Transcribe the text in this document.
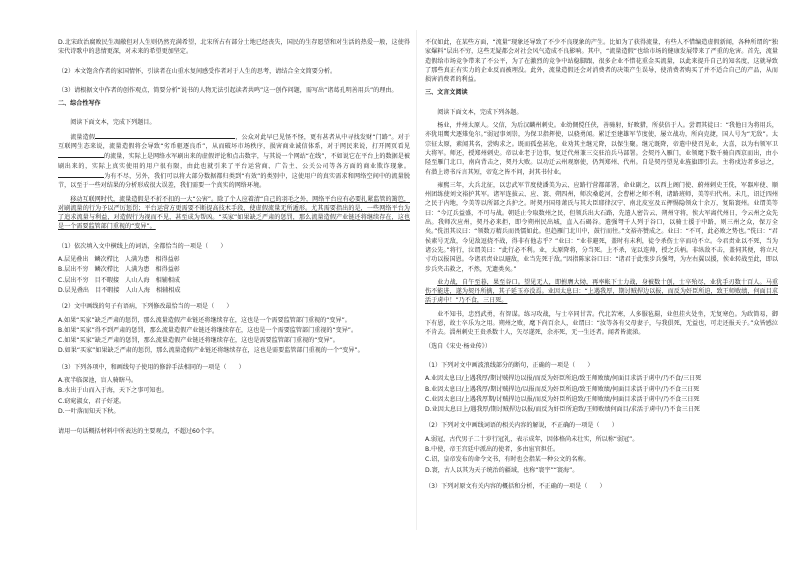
D.北宋政治腐败民生凋敝但对人生则仍然充满希望，北宋所占有部分土地已经丧失，国民的生存愿望和对生活的热爱一般，这使得宋代诗歌中的悲情更深，对未来的希望更加坚定。

（2）本文饱含作者的家国情怀，引读者在山重水复间感受作者对于人生的思考，请结合全文简要分析。

（3）请根据文中作者的创作观点，简要分析“说书的人物无法引起读者共鸣”这一创作问题，需写出“诸葛孔明善用兵”的理由。

二、综合性写作

阅读下面文本，完成下列题目。

流量造假	，公众对此早已见怪不怪，更有甚者从中寻找发财“门路”。对于互联网生态来说，流量造假将会导致“劣币驱逐良币”，从而破坏市场秩序，损害商业诚信体系，对于网民来说，打开网页看见的流量，实际上是网络水军刷出来的虚假评论和点击数字，与其说一个网站“在线”，不如说它在平台上的数据是被刷出来的，实际上真实使用的用户很有限，由此也就引来了平台运营商、广告主、公关公司等各方面的商业欺诈现象。为有不尽，另外，我们可以将大部分数据都归类到“有效”的类别中，这使用户的真实需求和网络空间中的流量脱节，以至于一些对结果的分析形成很大误差，我们需要一个真实的网络环境。

移动互联网时代，流量造假是不折不扣的一大“公害”。除了个人应着清“自己的羽毛之外，网络平台应有必要扎紧监管的篱笆，对刷流量的行为予以严厉惩罚；平台运营方更需要不断提高技术手段，使虚假流量无所遁形。尤其需要指出的是，一些网络平台为了追求流量与利益，对造假行为视而不见，甚至成为帮凶。“买家”如果缺乏严肃的惩罚，那么流量造假产业链还将继续存在，这也是一个需要监管部门重视的“变异”。

（1）依次填入文中横线上的词语，全都恰当的一项是（　　）

A.层见叠出　鳞次栉比　人满为患　相得益彰
B.层出不穷　鳞次栉比　人满为患　相得益彰
C.层出不穷　目不暇接　人山人海　相辅相成
D.层见叠出　目不暇接　人山人海　相辅相成

（2）文中画线的句子有语病，下列修改最恰当的一项是（　　）

A.如果“买家”缺乏严肃的惩罚，那么流量造假产业链还将继续存在，这也是一个需要监管部门重视的“变异”。
B.如果“买家”得不到严肃的惩罚，那么流量造假产业链还将继续存在，这也是一个需要监管部门重视的“变异”。
C.如果“买家”缺乏严肃的惩罚，那么流量造假产业链还将继续存在，这也是需要监管部门重视的“变异”。
D.如果“买家”如果缺乏严肃的惩罚，那么流量造假产业链还将继续存在，这也是需要监管部门重视的一个“变异”。

（3）下列各项中，和画线句子使用的修辞手法相同的一项是（　　）

A.夜半临深池，盲人骑瞎马。
B.水出于山而入于海，天下之事可知也。
C.窈窕淑女，君子好逑。
D.一叶落而知天下秋。

请用一句话概括材料中所表达的主要观点，不超过60个字。

不仅如此，在某些方面，“流量”现象还导致了不少不良现象的产生。比如为了获得流量，有些人不惜编造虚假新闻，各种所谓的“独家爆料”层出不穷，这些无疑都会对社会风气造成不良影响。其中，“流量造假”也给市场的健康发展带来了严重的危害。首先，流量造假给市场竞争带来了不公平，为了在激烈的竞争中站稳脚跟，很多企业不惜花重金买流量，以此来提升自己的知名度，这就导致了那些真正有实力的企业反而被埋没。此外，流量造假还会对消费者的决策产生误导，使消费者购买了并不适合自己的产品，从而损害消费者的利益。

三、文言文阅读

阅读下面文本，完成下列各题。

杨业，并州太原人。父信，为后汉麟州刺史。业幼倜傥任侠，善骑射，好畋猎，所获倍于人。尝谓其徒曰：“我他日为将用兵，亦犹用鹰犬逐雉兔尔。”弱冠事刘崇，为保卫指挥使，以骁勇闻。累迁至建雄军节度使，屡立战功，所向克捷，国人号为“无敌”。太宗征太原，素闻其名，尝购求之。既而孤垒甚危，业劝其主继元降，以保生聚。继元既降，帝遣中使召见业，大喜，以为右领军卫大将军。师还，授郑州刺史。帝以业老于边事，复迁代州兼三交驻泊兵马部署。会契丹入雁门，业领麾下数千骑自西京而出，由小陉至雁门北口，南向背击之，契丹大败。以功迁云州观察使，仍判郑州、代州。自是契丹望见业旌旗即引去。主将戍边者多忌之，有潜上谤书斥言其短，帝览之皆不问，封其书付业。

雍熙三年，大兵北征，以忠武军节度使潘美为云、应路行营都部署，命业副之，以西上阁门使、蔚州刺史王侁，军器库使、顺州团练使刘文裕护其军。诸军连拔云、应、寰、朔四州，师次桑乾河，会曹彬之师不利，诸路班师，美等归代州。未几，诏迁四州之民于内地，令美等以所部之兵护之。时契丹国母萧氏与其大臣耶律汉宁、南北皮室及五押惕隐领众十余万，复陷寰州。业谓美等曰：“今辽兵益盛，不可与战。朝廷止令取数州之民，但领兵出大石路，先遣人密告云、朔州守将，俟大军离代州日，令云州之众先出。我师次应州，契丹必来拒，即令朔州民出城，直入石碣谷。遣强弩千人列于谷口，以骑士援于中路，则三州之众，保万全矣。”侁沮其议曰：“领数万精兵而畏懦如此。但趋雁门北川中，鼓行而往。”文裕亦赞成之。业曰：“不可，此必败之势也。”侁曰：“君侯素号无敌，今见敌逗挠不战，得非有他志乎？”业曰：“业非避死，盖时有未利，徒令杀伤士卒而功不立。今君责业以不死，当为诸公先。”将行，泣谓美曰：“此行必不利。业，太原降将，分当死。上不杀，宠以连帅，授之兵柄。非纵敌不击，盖伺其便，将立尺寸功以报国恩。今诸君责业以避敌，业当先死于敌。”因指陈家谷口曰：“诸君于此张步兵强弩，为左右翼以援，俟业转战至此，即以步兵夹击救之，不然，无遗类矣。”

业力战，自午至暮，果至谷口。望见无人，即拊膺大恸，再率帐下士力战，身被数十创，士卒殆尽，业犹手刃数十百人。马重伤不能进，遂为契丹所擒，其子延玉亦没焉。业因太息曰：“上遇我厚，期讨贼捍边以报，而反为奸臣所迫，致王师败绩，何面目求活于虏中！”乃不食，三日死。

业不知书，忠烈武勇，有智谋。练习攻战，与士卒同甘苦。代北苦寒，人多服毡罽，业但挂火处坐，无复寒色。为政简易，御下有恩，故士卒乐为之用。朔州之败，麾下尚百余人，业谓曰：“汝等各有父母妻子，与我俱死，无益也，可走还报天子。”众皆感泣不肯去。淄州刺史王贵杀数十人，矢尽遂死，余亦死，无一生还者。闻者皆流涕。

（选自《宋史·杨业传》）

（1）下列对文中画波浪线部分的断句，正确的一项是（　　）

A.业因太息曰/上遇我厚/期讨贼捍边以报/而反为奸臣所迫/致王师败绩/何面目求活于虏中/乃不食/三日死
B.业因太息曰/上遇我厚/期讨贼捍边/以报而反为奸臣所迫/致王师败绩/何面目求活于虏中/乃不食三日死
C.业因太息曰/上遇我厚期/讨贼捍边以报/而反为奸臣所迫致/王师败绩/何面目求活于虏中/乃不食三日死
D.业因太息曰上/遇我厚/期讨贼捍边以报/而反为奸臣所迫致/王师败绩何面目/求活于虏中/乃不食三日死

（2）下列对文中画线词语的相关内容的解说，不正确的一项是（　　）

A.弱冠，古代男子二十岁行冠礼，表示成年，因体格尚未壮实，所以称“弱冠”。
B.中使，帝王宫廷中派出的使者，多由宦官担任。
C.诏，皇帝发布的命令文书，有时也会指某一种公文的名称。
D.寰，古人以其为天子统治的疆域，也称“寰宇”“寰海”。

（3）下列对原文有关内容的概括和分析，不正确的一项是（　　）
